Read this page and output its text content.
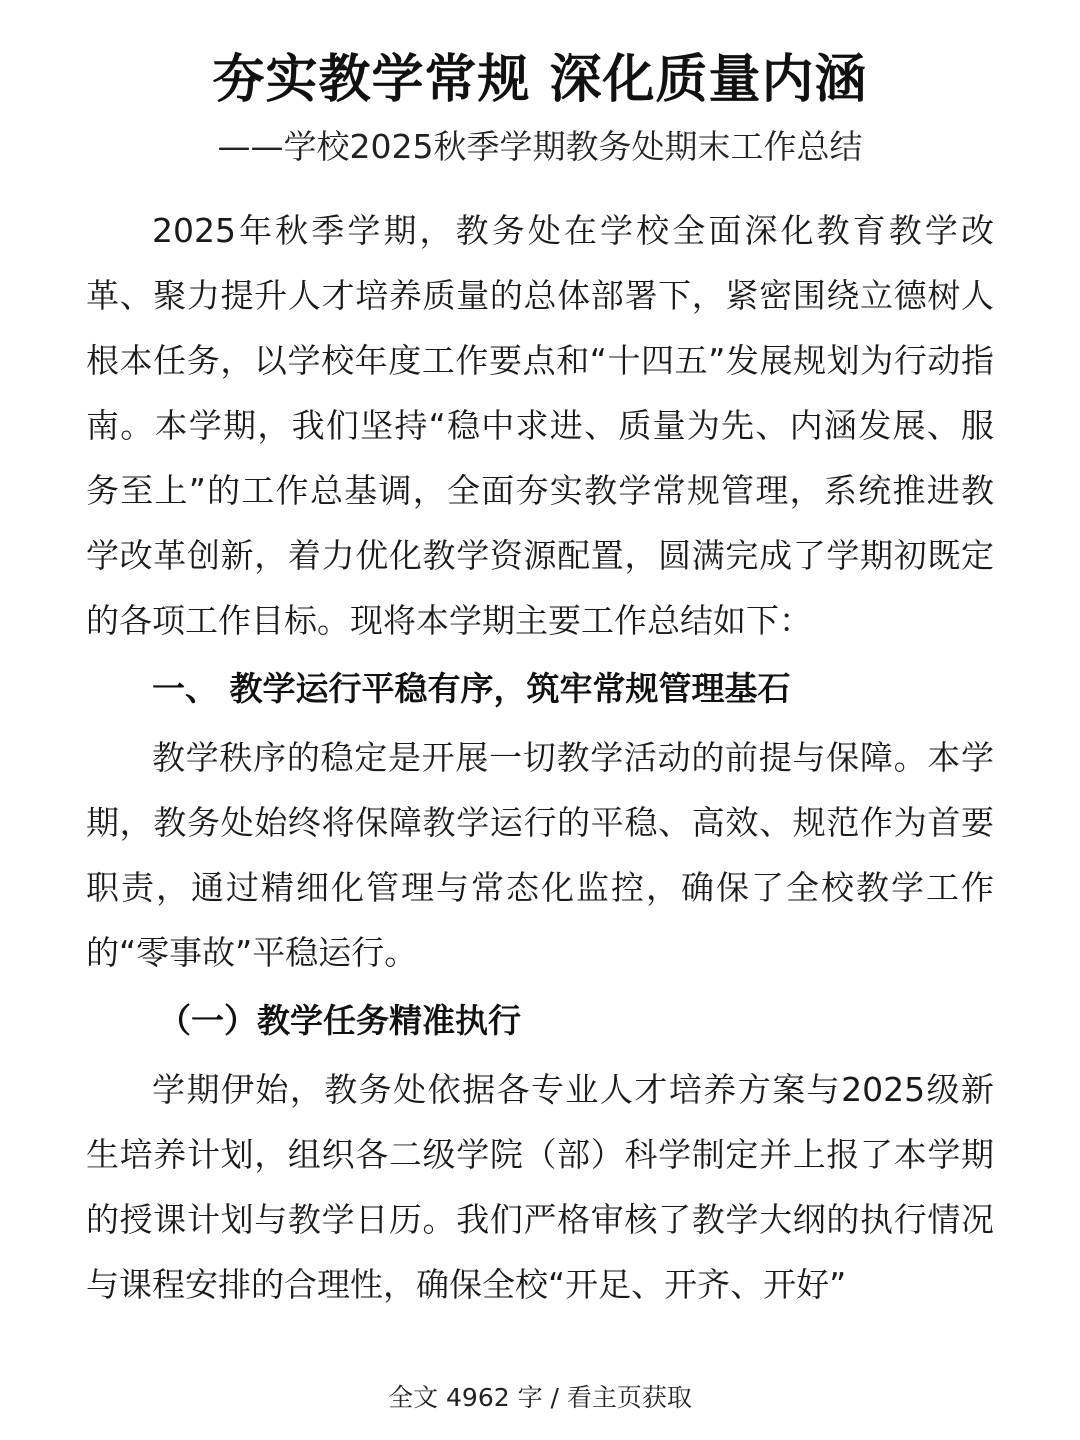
夯实教学常规 深化质量内涵
——学校2025秋季学期教务处期末工作总结

2025年秋季学期，教务处在学校全面深化教育教学改革、聚力提升人才培养质量的总体部署下，紧密围绕立德树人根本任务，以学校年度工作要点和“十四五”发展规划为行动指南。本学期，我们坚持“稳中求进、质量为先、内涵发展、服务至上”的工作总基调，全面夯实教学常规管理，系统推进教学改革创新，着力优化教学资源配置，圆满完成了学期初既定的各项工作目标。现将本学期主要工作总结如下：

一、 教学运行平稳有序，筑牢常规管理基石

教学秩序的稳定是开展一切教学活动的前提与保障。本学期，教务处始终将保障教学运行的平稳、高效、规范作为首要职责，通过精细化管理与常态化监控，确保了全校教学工作的“零事故”平稳运行。

（一）教学任务精准执行

学期伊始，教务处依据各专业人才培养方案与2025级新生培养计划，组织各二级学院（部）科学制定并上报了本学期的授课计划与教学日历。我们严格审核了教学大纲的执行情况与课程安排的合理性，确保全校“开足、开齐、开好”

全文 4962 字 / 看主页获取
